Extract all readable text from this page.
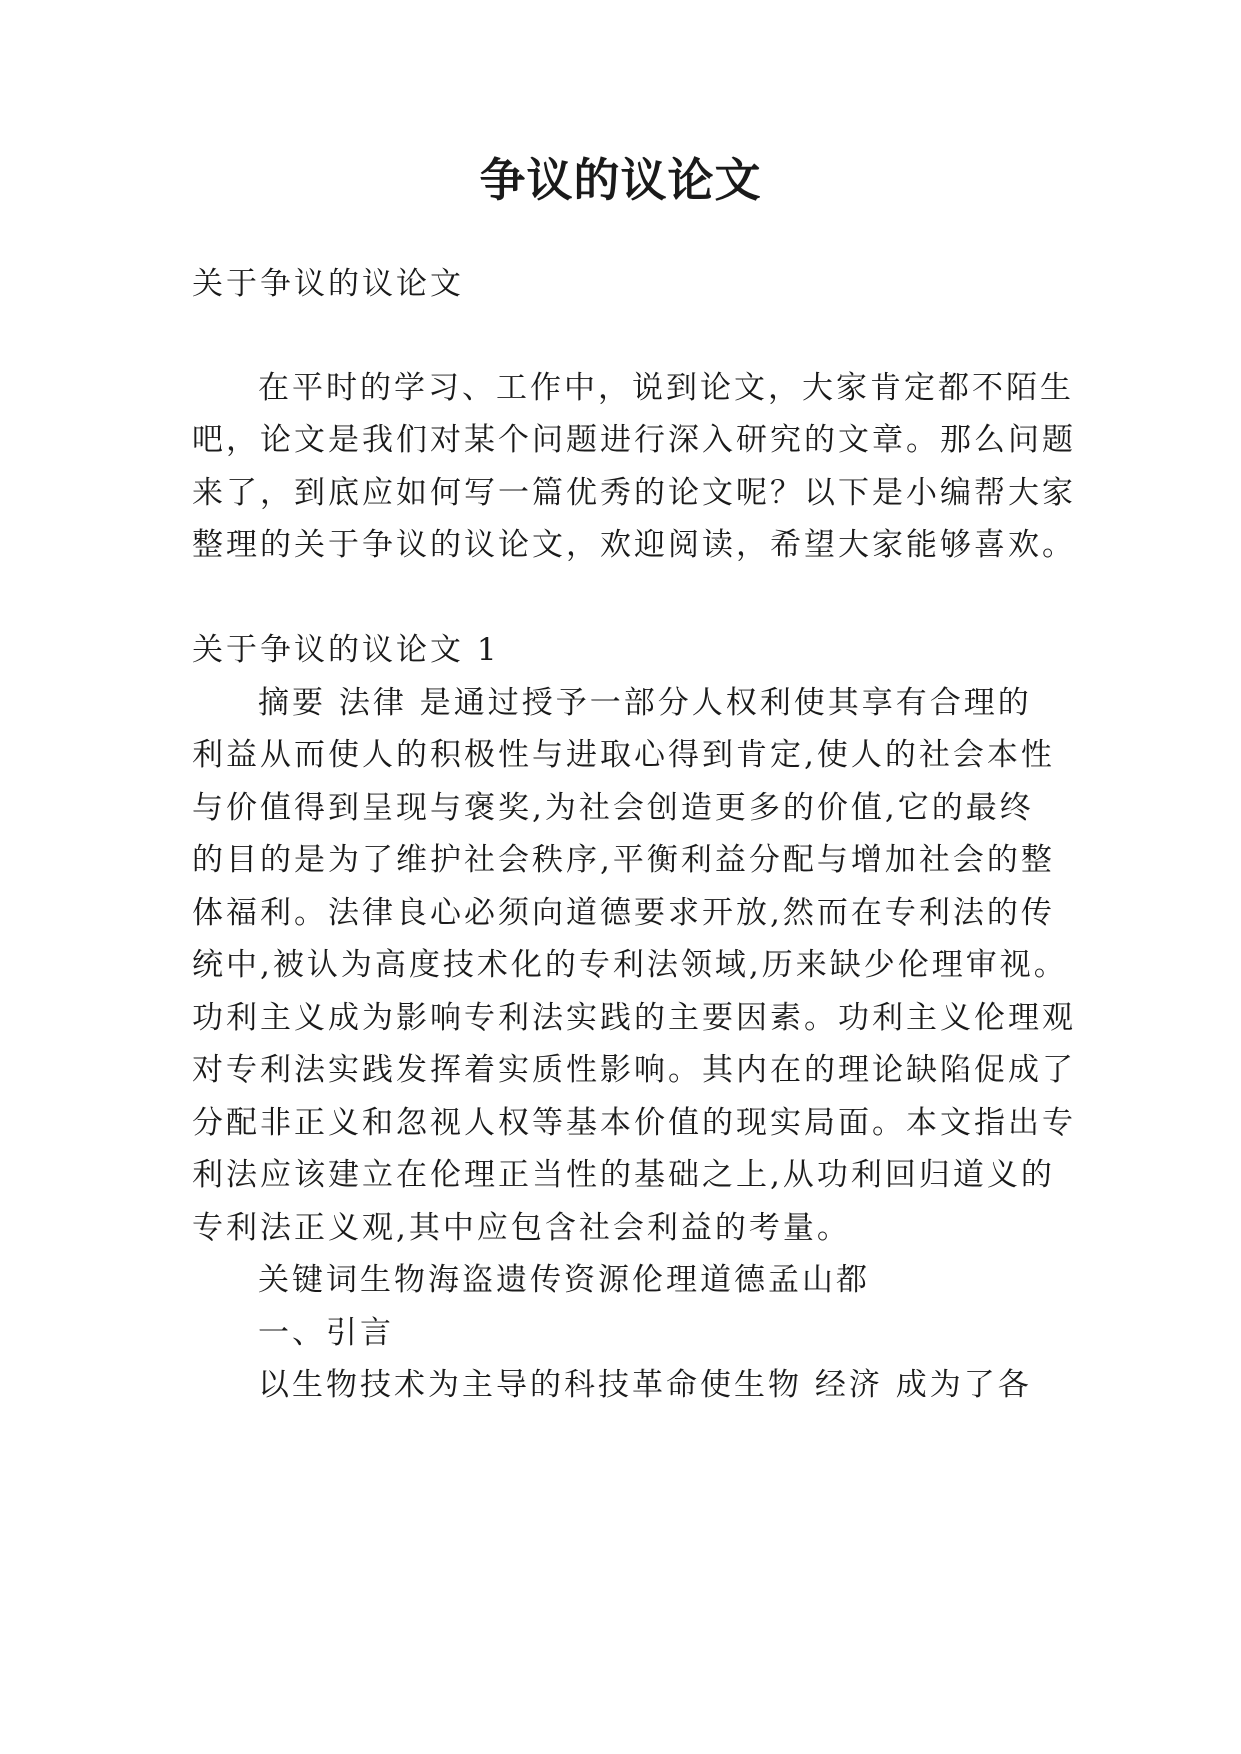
争议的议论文
关于争议的议论文
在平时的学习、工作中，说到论文，大家肯定都不陌生
吧，论文是我们对某个问题进行深入研究的文章。那么问题
来了，到底应如何写一篇优秀的论文呢？以下是小编帮大家
整理的关于争议的议论文，欢迎阅读，希望大家能够喜欢。
关于争议的议论文 1
摘要 法律 是通过授予一部分人权利使其享有合理的
利益从而使人的积极性与进取心得到肯定,使人的社会本性
与价值得到呈现与褒奖,为社会创造更多的价值,它的最终
的目的是为了维护社会秩序,平衡利益分配与增加社会的整
体福利。法律良心必须向道德要求开放,然而在专利法的传
统中,被认为高度技术化的专利法领域,历来缺少伦理审视。
功利主义成为影响专利法实践的主要因素。功利主义伦理观
对专利法实践发挥着实质性影响。其内在的理论缺陷促成了
分配非正义和忽视人权等基本价值的现实局面。本文指出专
利法应该建立在伦理正当性的基础之上,从功利回归道义的
专利法正义观,其中应包含社会利益的考量。
关键词生物海盗遗传资源伦理道德孟山都
一、引言
以生物技术为主导的科技革命使生物 经济 成为了各
